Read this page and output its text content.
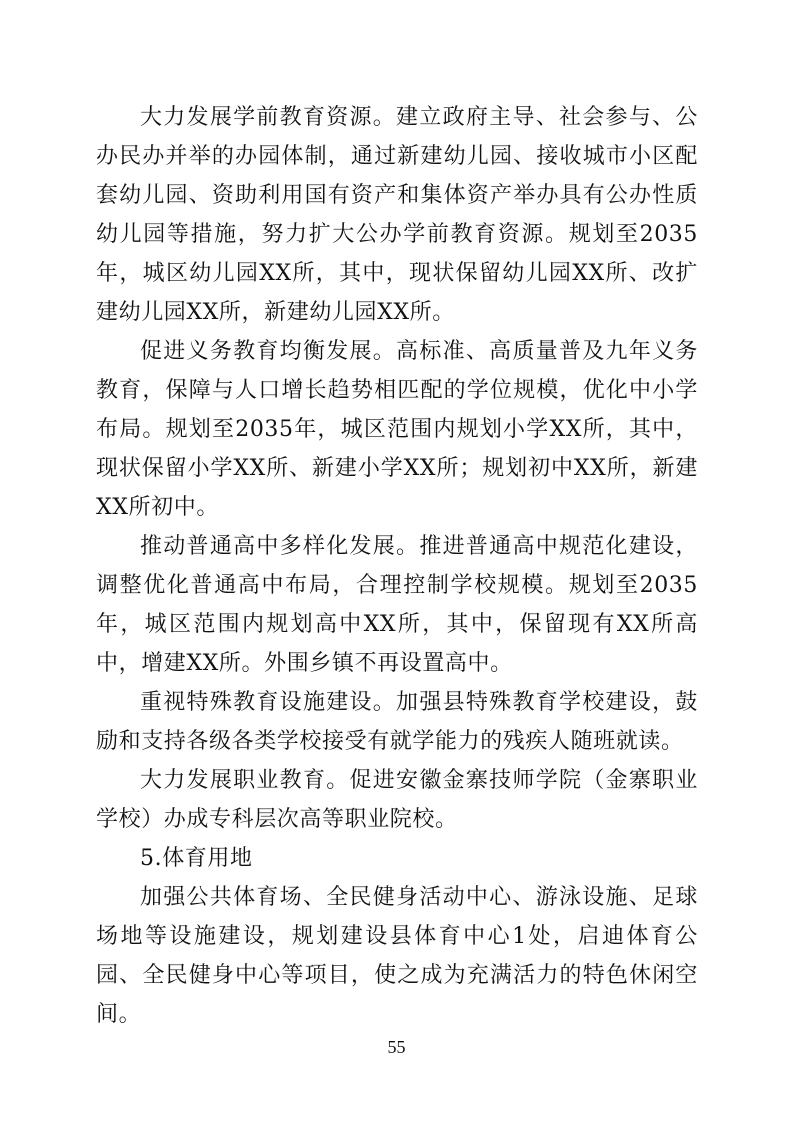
大力发展学前教育资源。建立政府主导、社会参与、公办民办并举的办园体制，通过新建幼儿园、接收城市小区配套幼儿园、资助利用国有资产和集体资产举办具有公办性质幼儿园等措施，努力扩大公办学前教育资源。规划至2035年，城区幼儿园XX所，其中，现状保留幼儿园XX所、改扩建幼儿园XX所，新建幼儿园XX所。

促进义务教育均衡发展。高标准、高质量普及九年义务教育，保障与人口增长趋势相匹配的学位规模，优化中小学布局。规划至2035年，城区范围内规划小学XX所，其中，现状保留小学XX所、新建小学XX所；规划初中XX所，新建XX所初中。

推动普通高中多样化发展。推进普通高中规范化建设，调整优化普通高中布局，合理控制学校规模。规划至2035年，城区范围内规划高中XX所，其中，保留现有XX所高中，增建XX所。外围乡镇不再设置高中。

重视特殊教育设施建设。加强县特殊教育学校建设，鼓励和支持各级各类学校接受有就学能力的残疾人随班就读。

大力发展职业教育。促进安徽金寨技师学院（金寨职业学校）办成专科层次高等职业院校。

5.体育用地

加强公共体育场、全民健身活动中心、游泳设施、足球场地等设施建设，规划建设县体育中心1处，启迪体育公园、全民健身中心等项目，使之成为充满活力的特色休闲空间。

55
